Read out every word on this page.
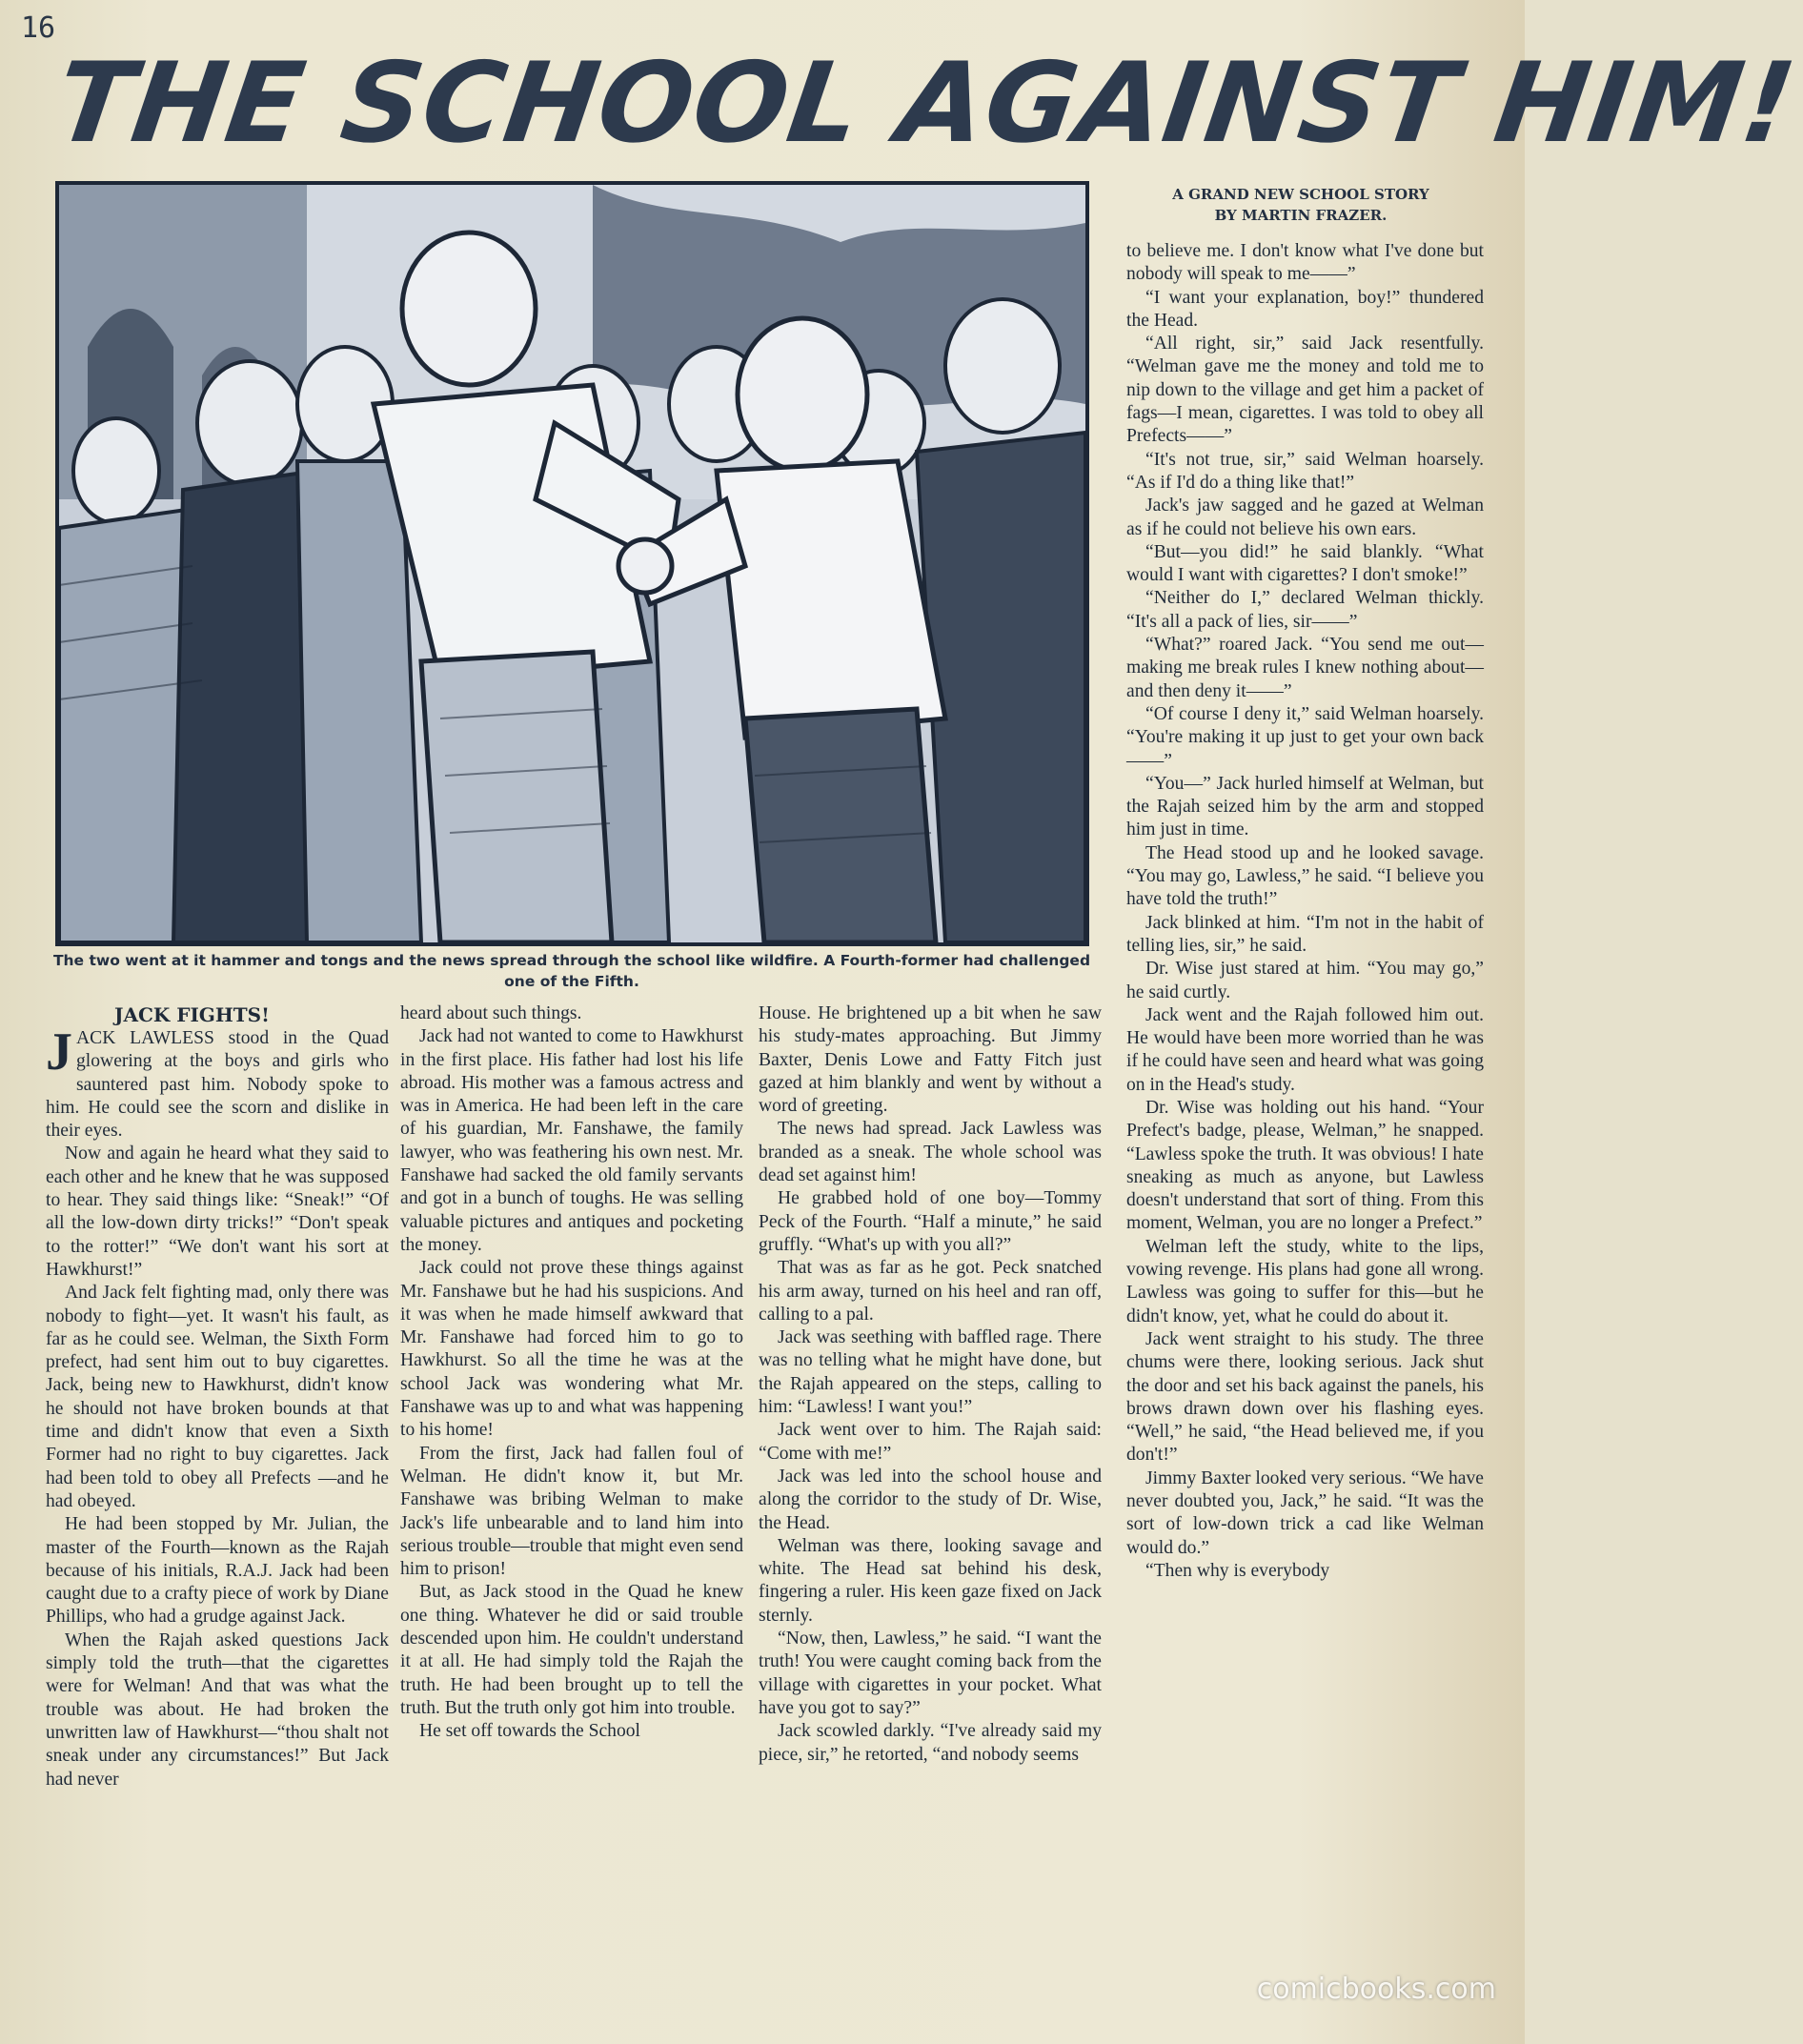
16
THE SCHOOL AGAINST HIM!
The two went at it hammer and tongs and the news spread through the school like wildfire. A Fourth-former had challenged one of the Fifth.
A GRAND NEW SCHOOL STORY
BY MARTIN FRAZER.
JACK FIGHTS!

JACK LAWLESS stood in the Quad glowering at the boys and girls who sauntered past him. Nobody spoke to him. He could see the scorn and dislike in their eyes.

Now and again he heard what they said to each other and he knew that he was supposed to hear. They said things like: “Sneak!” “Of all the low-down dirty tricks!” “Don't speak to the rotter!” “We don't want his sort at Hawkhurst!”

And Jack felt fighting mad, only there was nobody to fight—yet. It wasn't his fault, as far as he could see. Welman, the Sixth Form prefect, had sent him out to buy cigarettes. Jack, being new to Hawkhurst, didn't know he should not have broken bounds at that time and didn't know that even a Sixth Former had no right to buy cigarettes. Jack had been told to obey all Prefects —and he had obeyed.

He had been stopped by Mr. Julian, the master of the Fourth—known as the Rajah because of his initials, R.A.J. Jack had been caught due to a crafty piece of work by Diane Phillips, who had a grudge against Jack.

When the Rajah asked questions Jack simply told the truth—that the cigarettes were for Welman! And that was what the trouble was about. He had broken the unwritten law of Hawkhurst—“thou shalt not sneak under any circumstances!” But Jack had never

heard about such things.

Jack had not wanted to come to Hawkhurst in the first place. His father had lost his life abroad. His mother was a famous actress and was in America. He had been left in the care of his guardian, Mr. Fanshawe, the family lawyer, who was feathering his own nest. Mr. Fanshawe had sacked the old family servants and got in a bunch of toughs. He was selling valuable pictures and antiques and pocketing the money.

Jack could not prove these things against Mr. Fanshawe but he had his suspicions. And it was when he made himself awkward that Mr. Fanshawe had forced him to go to Hawkhurst. So all the time he was at the school Jack was wondering what Mr. Fanshawe was up to and what was happening to his home!

From the first, Jack had fallen foul of Welman. He didn't know it, but Mr. Fanshawe was bribing Welman to make Jack's life unbearable and to land him into serious trouble—trouble that might even send him to prison!

But, as Jack stood in the Quad he knew one thing. Whatever he did or said trouble descended upon him. He couldn't understand it at all. He had simply told the Rajah the truth. He had been brought up to tell the truth. But the truth only got him into trouble.

He set off towards the School

House. He brightened up a bit when he saw his study-mates approaching. But Jimmy Baxter, Denis Lowe and Fatty Fitch just gazed at him blankly and went by without a word of greeting.

The news had spread. Jack Lawless was branded as a sneak. The whole school was dead set against him!

He grabbed hold of one boy—Tommy Peck of the Fourth. “Half a minute,” he said gruffly. “What's up with you all?”

That was as far as he got. Peck snatched his arm away, turned on his heel and ran off, calling to a pal.

Jack was seething with baffled rage. There was no telling what he might have done, but the Rajah appeared on the steps, calling to him: “Lawless! I want you!”

Jack went over to him. The Rajah said: “Come with me!”

Jack was led into the school house and along the corridor to the study of Dr. Wise, the Head.

Welman was there, looking savage and white. The Head sat behind his desk, fingering a ruler. His keen gaze fixed on Jack sternly.

“Now, then, Lawless,” he said. “I want the truth! You were caught coming back from the village with cigarettes in your pocket. What have you got to say?”

Jack scowled darkly. “I've already said my piece, sir,” he retorted, “and nobody seems

to believe me. I don't know what I've done but nobody will speak to me——”

“I want your explanation, boy!” thundered the Head.

“All right, sir,” said Jack resentfully. “Welman gave me the money and told me to nip down to the village and get him a packet of fags—I mean, cigarettes. I was told to obey all Prefects——”

“It's not true, sir,” said Welman hoarsely. “As if I'd do a thing like that!”

Jack's jaw sagged and he gazed at Welman as if he could not believe his own ears.

“But—you did!” he said blankly. “What would I want with cigarettes? I don't smoke!”

“Neither do I,” declared Welman thickly. “It's all a pack of lies, sir——”

“What?” roared Jack. “You send me out—making me break rules I knew nothing about—and then deny it——”

“Of course I deny it,” said Welman hoarsely. “You're making it up just to get your own back——”

“You—” Jack hurled himself at Welman, but the Rajah seized him by the arm and stopped him just in time.

The Head stood up and he looked savage. “You may go, Lawless,” he said. “I believe you have told the truth!”

Jack blinked at him. “I'm not in the habit of telling lies, sir,” he said.

Dr. Wise just stared at him. “You may go,” he said curtly.

Jack went and the Rajah followed him out. He would have been more worried than he was if he could have seen and heard what was going on in the Head's study.

Dr. Wise was holding out his hand. “Your Prefect's badge, please, Welman,” he snapped. “Lawless spoke the truth. It was obvious! I hate sneaking as much as anyone, but Lawless doesn't understand that sort of thing. From this moment, Welman, you are no longer a Prefect.”

Welman left the study, white to the lips, vowing revenge. His plans had gone all wrong. Lawless was going to suffer for this—but he didn't know, yet, what he could do about it.

Jack went straight to his study. The three chums were there, looking serious. Jack shut the door and set his back against the panels, his brows drawn down over his flashing eyes. “Well,” he said, “the Head believed me, if you don't!”

Jimmy Baxter looked very serious. “We have never doubted you, Jack,” he said. “It was the sort of low-down trick a cad like Welman would do.”

“Then why is everybody

comicbooks.com
